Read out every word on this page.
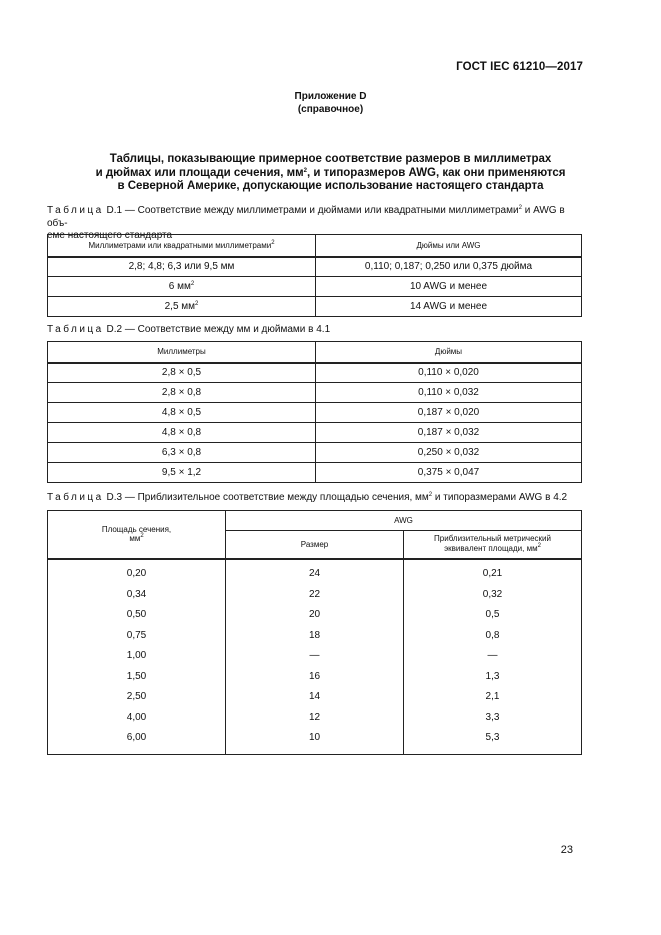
ГОСТ IEC 61210—2017
Приложение D
(справочное)
Таблицы, показывающие примерное соответствие размеров в миллиметрах
и дюймах или площади сечения, $мм^2$, и типоразмеров AWG, как они применяются
в Северной Америке, допускающие использование настоящего стандарта
Таблица D.1 — Соответствие между миллиметрами и дюймами или квадратными миллиметрами$^2$ и AWG в объ-
еме настоящего стандарта
Миллиметрами или квадратными миллиметрами$^2$	Дюймы или AWG
2,8; 4,8; 6,3 или 9,5 мм	0,110; 0,187; 0,250 или 0,375 дюйма
6 $мм^2$	10 AWG и менее
2,5 $мм^2$	14 AWG и менее
Таблица D.2 — Соответствие между мм и дюймами в 4.1
Миллиметры	Дюймы
2,8 × 0,5	0,110 × 0,020
2,8 × 0,8	0,110 × 0,032
4,8 × 0,5	0,187 × 0,020
4,8 × 0,8	0,187 × 0,032
6,3 × 0,8	0,250 × 0,032
9,5 × 1,2	0,375 × 0,047
Таблица D.3 — Приблизительное соответствие между площадью сечения, $мм^2$ и типоразмерами AWG в 4.2
Площадь сечения,
$мм^2$	AWG	
	Размер	Приблизительный метрический
эквивалент площади, $мм^2$
0,20	24	0,21
0,34	22	0,32
0,50	20	0,5
0,75	18	0,8
1,00	—	—
1,50	16	1,3
2,50	14	2,1
4,00	12	3,3
6,00	10	5,3
23
